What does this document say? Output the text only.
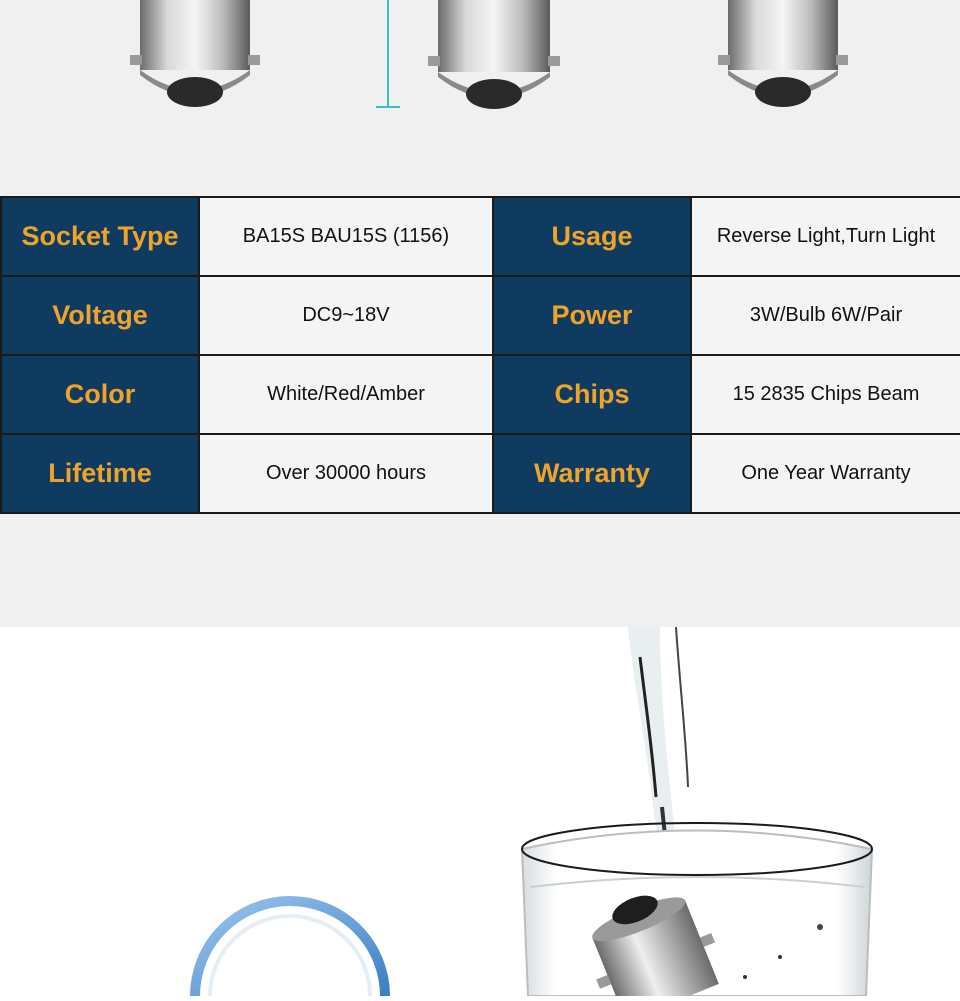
Socket Type	BA15S BAU15S (1156)	Usage	Reverse Light,Turn Light
Voltage	DC9~18V	Power	3W/Bulb 6W/Pair
Color	White/Red/Amber	Chips	15 2835 Chips Beam
Lifetime	Over 30000 hours	Warranty	One Year Warranty
